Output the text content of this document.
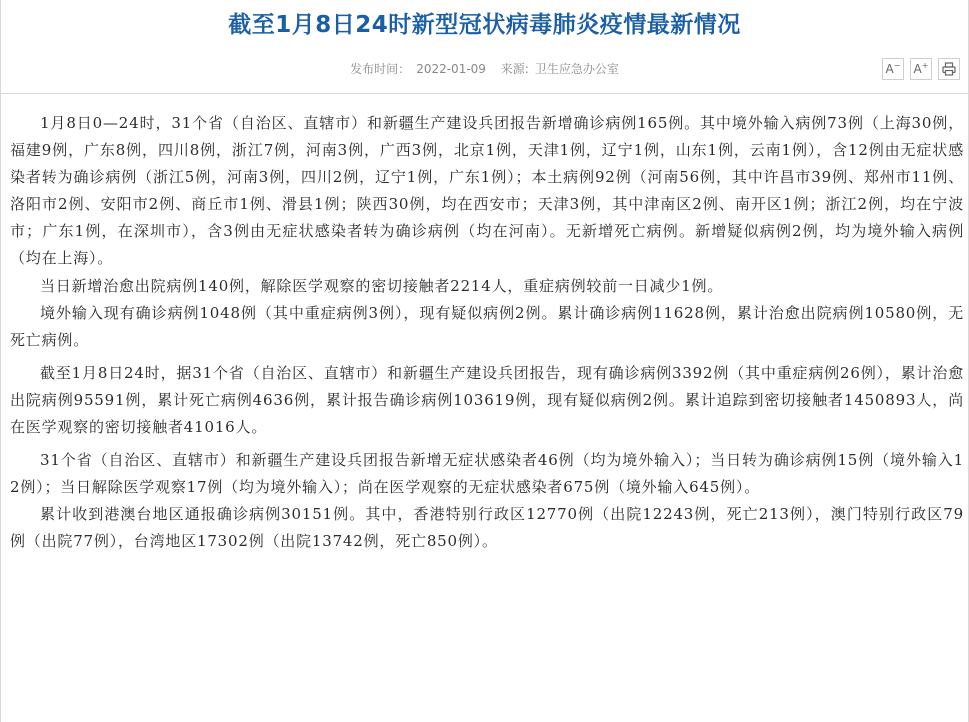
截至1月8日24时新型冠状病毒肺炎疫情最新情况
发布时间： 2022-01-09 来源: 卫生应急办公室	A− A+

1月8日0—24时，31个省（自治区、直辖市）和新疆生产建设兵团报告新增确诊病例165例。其中境外输入病例73例（上海30例，福建9例，广东8例，四川8例，浙江7例，河南3例，广西3例，北京1例，天津1例，辽宁1例，山东1例，云南1例），含12例由无症状感染者转为确诊病例（浙江5例，河南3例，四川2例，辽宁1例，广东1例）；本土病例92例（河南56例，其中许昌市39例、郑州市11例、洛阳市2例、安阳市2例、商丘市1例、滑县1例；陕西30例，均在西安市；天津3例，其中津南区2例、南开区1例；浙江2例，均在宁波市；广东1例，在深圳市），含3例由无症状感染者转为确诊病例（均在河南）。无新增死亡病例。新增疑似病例2例，均为境外输入病例（均在上海）。

当日新增治愈出院病例140例，解除医学观察的密切接触者2214人，重症病例较前一日减少1例。

境外输入现有确诊病例1048例（其中重症病例3例），现有疑似病例2例。累计确诊病例11628例，累计治愈出院病例10580例，无死亡病例。

截至1月8日24时，据31个省（自治区、直辖市）和新疆生产建设兵团报告，现有确诊病例3392例（其中重症病例26例），累计治愈出院病例95591例，累计死亡病例4636例，累计报告确诊病例103619例，现有疑似病例2例。累计追踪到密切接触者1450893人，尚在医学观察的密切接触者41016人。

31个省（自治区、直辖市）和新疆生产建设兵团报告新增无症状感染者46例（均为境外输入）；当日转为确诊病例15例（境外输入12例）；当日解除医学观察17例（均为境外输入）；尚在医学观察的无症状感染者675例（境外输入645例）。

累计收到港澳台地区通报确诊病例30151例。其中，香港特别行政区12770例（出院12243例，死亡213例），澳门特别行政区79例（出院77例），台湾地区17302例（出院13742例，死亡850例）。
